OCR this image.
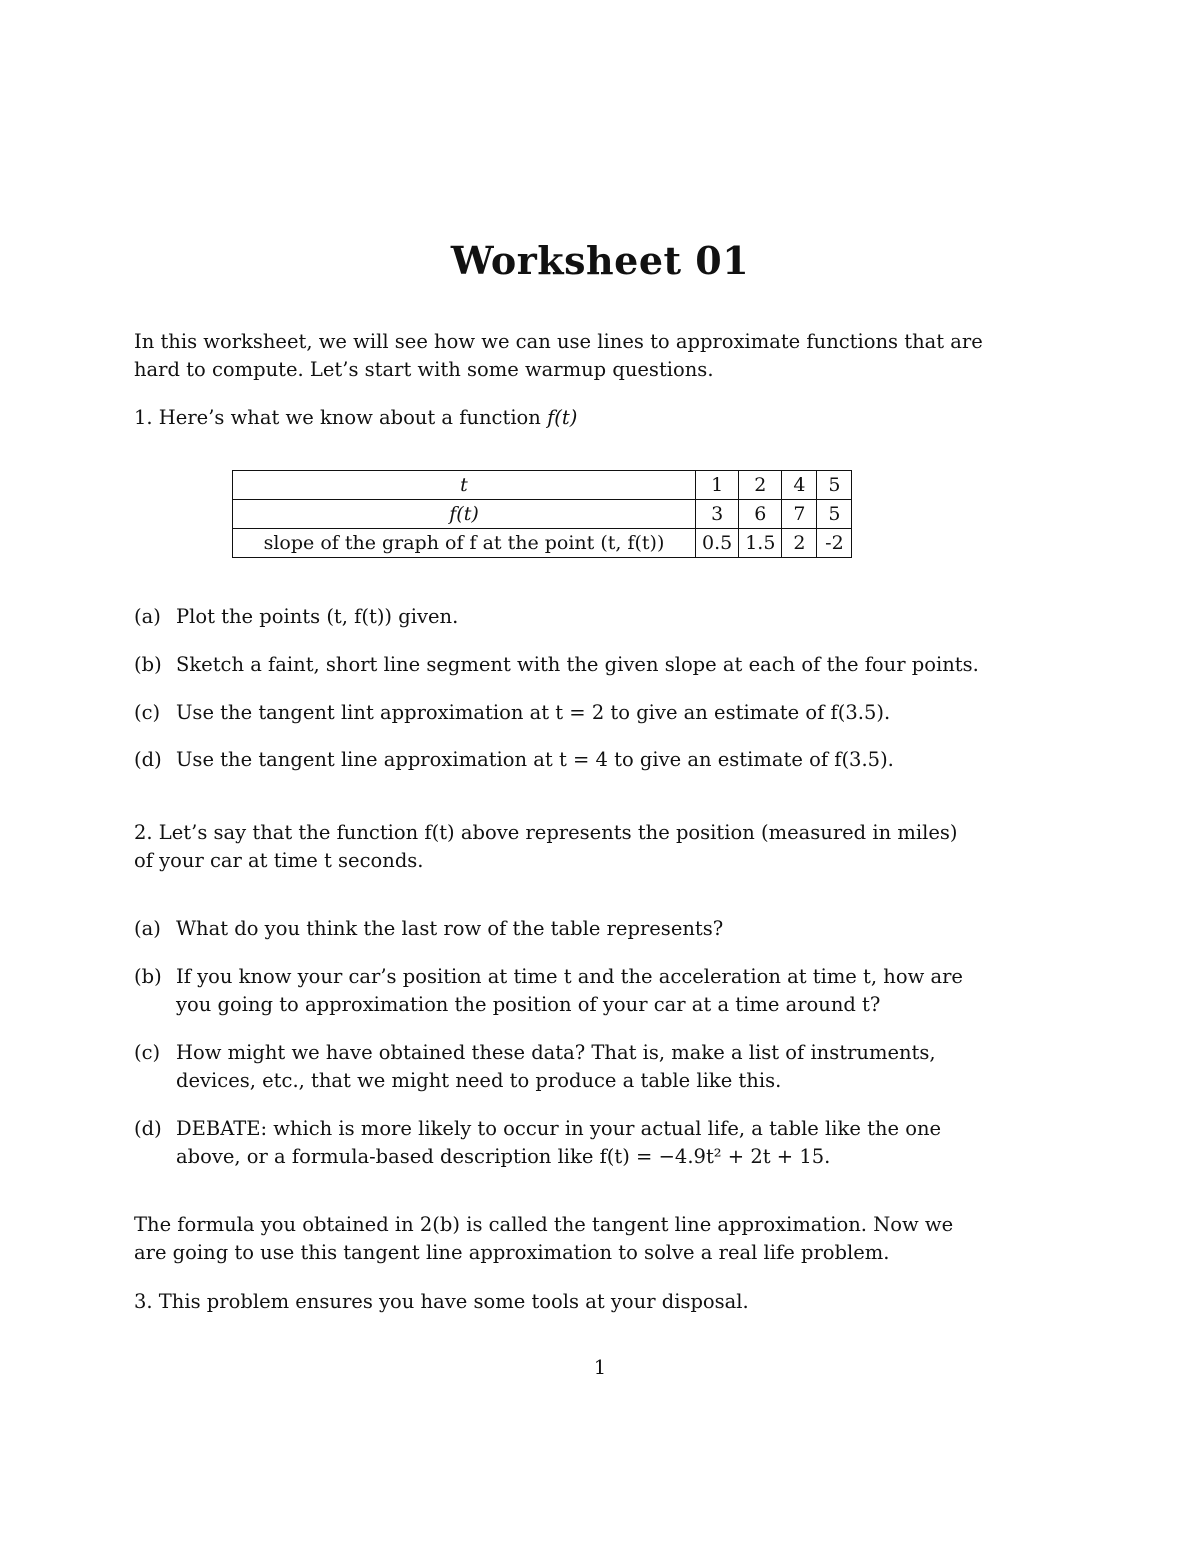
Worksheet 01
In this worksheet, we will see how we can use lines to approximate functions that are
hard to compute. Let’s start with some warmup questions.
1. Here’s what we know about a function f(t)
t	1	2	4	5
f(t)	3	6	7	5
slope of the graph of f at the point (t, f(t))	0.5	1.5	2	-2
(a) Plot the points (t, f(t)) given.
(b) Sketch a faint, short line segment with the given slope at each of the four points.
(c) Use the tangent lint approximation at t = 2 to give an estimate of f(3.5).
(d) Use the tangent line approximation at t = 4 to give an estimate of f(3.5).
2. Let’s say that the function f(t) above represents the position (measured in miles)
of your car at time t seconds.
(a) What do you think the last row of the table represents?
(b) If you know your car’s position at time t and the acceleration at time t, how are
you going to approximation the position of your car at a time around t?
(c) How might we have obtained these data? That is, make a list of instruments,
devices, etc., that we might need to produce a table like this.
(d) DEBATE: which is more likely to occur in your actual life, a table like the one
above, or a formula-based description like f(t) = −4.9t² + 2t + 15.
The formula you obtained in 2(b) is called the tangent line approximation. Now we
are going to use this tangent line approximation to solve a real life problem.
3. This problem ensures you have some tools at your disposal.
1
